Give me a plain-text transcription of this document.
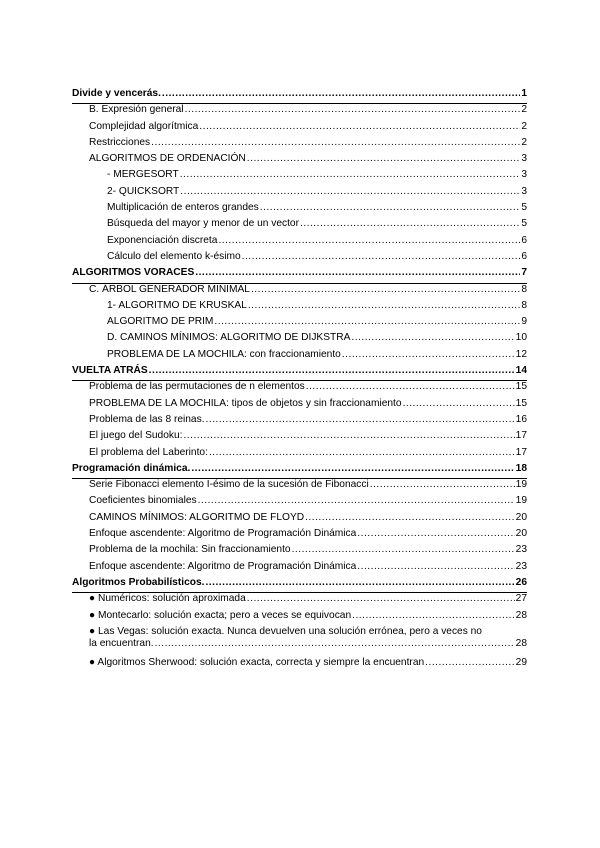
Divide y vencerás. .....	1
B. Expresión general .....	2
Complejidad algorítmica .....	2
Restricciones .....	2
ALGORITMOS DE ORDENACIÓN .....	3
- MERGESORT .....	3
2- QUICKSORT .....	3
Multiplicación de enteros grandes .....	5
Búsqueda del mayor y menor de un vector .....	5
Exponenciación discreta .....	6
Cálculo del elemento k-ésimo .....	6
ALGORITMOS VORACES .....	7
C. ÁRBOL GENERADOR MINIMAL .....	8
1- ALGORITMO DE KRUSKAL .....	8
ALGORITMO DE PRIM .....	9
D. CAMINOS MÍNIMOS: ALGORITMO DE DIJKSTRA .....	10
PROBLEMA DE LA MOCHILA: con fraccionamiento .....	12
VUELTA ATRÁS .....	14
Problema de las permutaciones de n elementos .....	15
PROBLEMA DE LA MOCHILA: tipos de objetos y sin fraccionamiento .....	15
Problema de las 8 reinas. .....	16
El juego del Sudoku: .....	17
El problema del Laberinto: .....	17
Programación dinámica. .....	18
Serie Fibonacci elemento I-ésimo de la sucesión de Fibonacci .....	19
Coeficientes binomiales .....	19
CAMINOS MÍNIMOS: ALGORITMO DE FLOYD .....	20
Enfoque ascendente: Algoritmo de Programación Dinámica .....	20
Problema de la mochila: Sin fraccionamiento .....	23
Enfoque ascendente: Algoritmo de Programación Dinámica .....	23
Algoritmos Probabilísticos. .....	26
● Numéricos: solución aproximada .....	27
● Montecarlo: solución exacta; pero a veces se equivocan .....	28
● Las Vegas: solución exacta. Nunca devuelven una solución errónea, pero a veces no
la encuentran. .....	28
● Algoritmos Sherwood: solución exacta, correcta y siempre la encuentran .....	29
